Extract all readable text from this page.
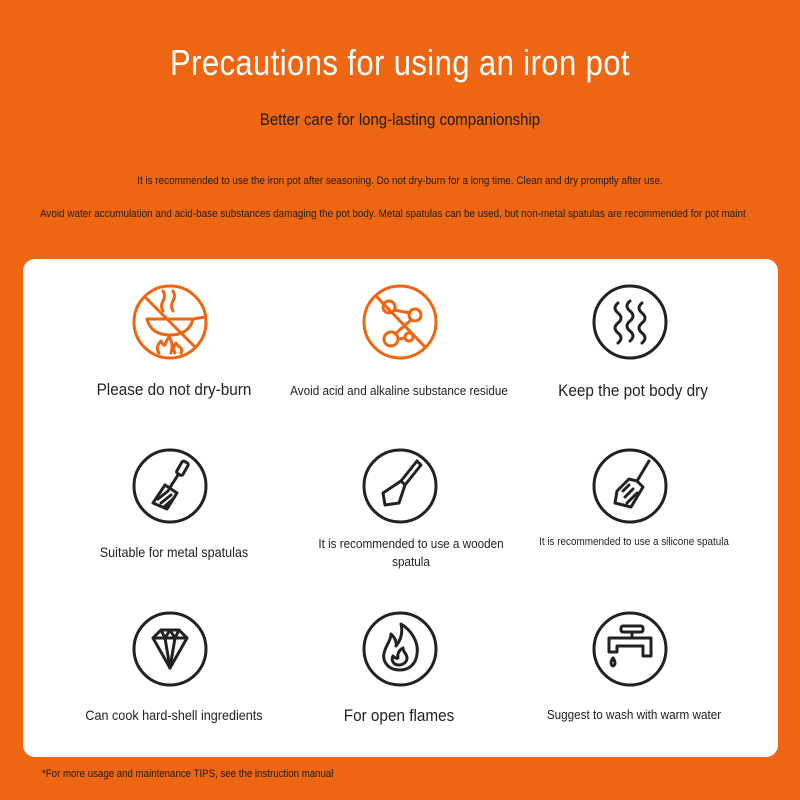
Precautions for using an iron pot
Better care for long-lasting companionship
It is recommended to use the iron pot after seasoning. Do not dry-burn for a long time. Clean and dry promptly after use.
Avoid water accumulation and acid-base substances damaging the pot body. Metal spatulas can be used, but non-metal spatulas are recommended for pot maint
Please do not dry-burn	Avoid acid and alkaline substance residue	Keep the pot body dry
Suitable for metal spatulas
It is recommended to use a wooden spatula
It is recommended to use a silicone spatula
Can cook hard-shell ingredients	For open flames	Suggest to wash with warm water
*For more usage and maintenance TIPS, see the instruction manual
